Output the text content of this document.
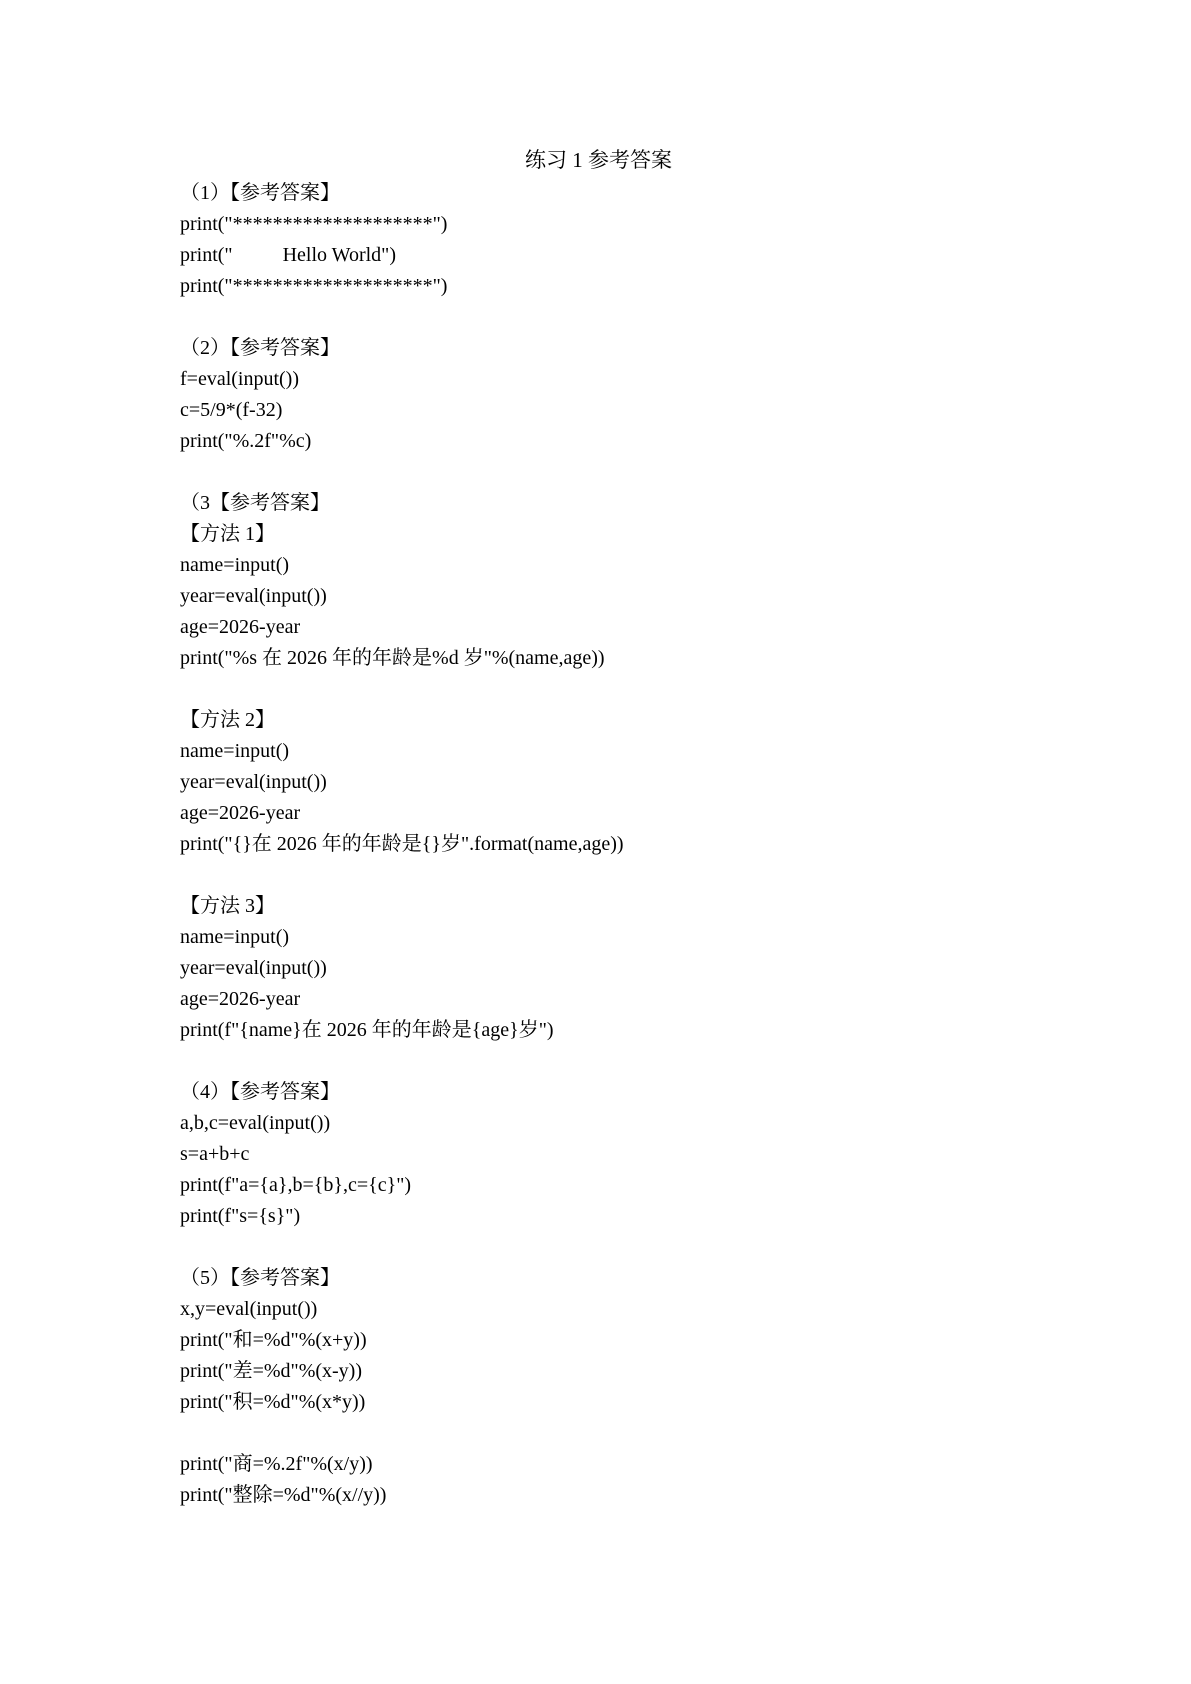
练习 1 参考答案
（1）【参考答案】
print("********************")
print("          Hello World")
print("********************")
（2）【参考答案】
f=eval(input())
c=5/9*(f-32)
print("%.2f"%c)
（3【参考答案】
【方法 1】
name=input()
year=eval(input())
age=2026-year
print("%s 在 2026 年的年龄是%d 岁"%(name,age))
【方法 2】
name=input()
year=eval(input())
age=2026-year
print("{}在 2026 年的年龄是{}岁".format(name,age))
【方法 3】
name=input()
year=eval(input())
age=2026-year
print(f"{name}在 2026 年的年龄是{age}岁")
（4）【参考答案】
a,b,c=eval(input())
s=a+b+c
print(f"a={a},b={b},c={c}")
print(f"s={s}")
（5）【参考答案】
x,y=eval(input())
print("和=%d"%(x+y))
print("差=%d"%(x-y))
print("积=%d"%(x*y))
print("商=%.2f"%(x/y))
print("整除=%d"%(x//y))
